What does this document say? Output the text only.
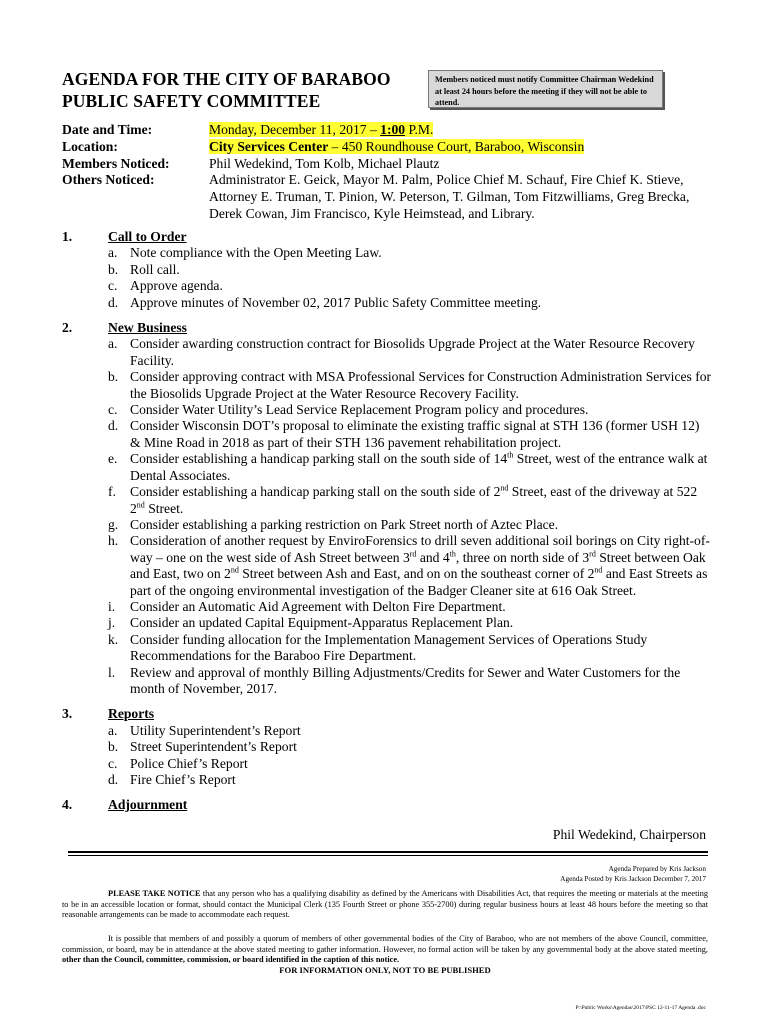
AGENDA FOR THE CITY OF BARABOO
PUBLIC SAFETY COMMITTEE
Members noticed must notify Committee Chairman Wedekind at least 24 hours before the meeting if they will not be able to attend.
Date and Time:	Monday, December 11, 2017 – 1:00 P.M.
Location:	City Services Center – 450 Roundhouse Court, Baraboo, Wisconsin
Members Noticed:	Phil Wedekind, Tom Kolb, Michael Plautz
Others Noticed:	Administrator E. Geick, Mayor M. Palm, Police Chief M. Schauf, Fire Chief K. Stieve, Attorney E. Truman, T. Pinion, W. Peterson, T. Gilman, Tom Fitzwilliams, Greg Brecka, Derek Cowan, Jim Francisco, Kyle Heimstead, and Library.
1.	Call to Order
a. Note compliance with the Open Meeting Law.
b. Roll call.
c. Approve agenda.
d. Approve minutes of November 02, 2017 Public Safety Committee meeting.
2.	New Business
a. Consider awarding construction contract for Biosolids Upgrade Project at the Water Resource Recovery Facility.
b. Consider approving contract with MSA Professional Services for Construction Administration Services for the Biosolids Upgrade Project at the Water Resource Recovery Facility.
c. Consider Water Utility’s Lead Service Replacement Program policy and procedures.
d. Consider Wisconsin DOT’s proposal to eliminate the existing traffic signal at STH 136 (former USH 12) & Mine Road in 2018 as part of their STH 136 pavement rehabilitation project.
e. Consider establishing a handicap parking stall on the south side of 14th Street, west of the entrance walk at Dental Associates.
f. Consider establishing a handicap parking stall on the south side of 2nd Street, east of the driveway at 522 2nd Street.
g. Consider establishing a parking restriction on Park Street north of Aztec Place.
h. Consideration of another request by EnviroForensics to drill seven additional soil borings on City right-of-way – one on the west side of Ash Street between 3rd and 4th, three on north side of 3rd Street between Oak and East, two on 2nd Street between Ash and East, and on on the southeast corner of 2nd and East Streets as part of the ongoing environmental investigation of the Badger Cleaner site at 616 Oak Street.
i. Consider an Automatic Aid Agreement with Delton Fire Department.
j. Consider an updated Capital Equipment-Apparatus Replacement Plan.
k. Consider funding allocation for the Implementation Management Services of Operations Study Recommendations for the Baraboo Fire Department.
l. Review and approval of monthly Billing Adjustments/Credits for Sewer and Water Customers for the month of November, 2017.
3.	Reports
a. Utility Superintendent’s Report
b. Street Superintendent’s Report
c. Police Chief’s Report
d. Fire Chief’s Report
4.	Adjournment
Phil Wedekind, Chairperson
Agenda Prepared by Kris Jackson
Agenda Posted by Kris Jackson December 7, 2017
PLEASE TAKE NOTICE that any person who has a qualifying disability as defined by the Americans with Disabilities Act, that requires the meeting or materials at the meeting to be in an accessible location or format, should contact the Municipal Clerk (135 Fourth Street or phone 355-2700) during regular business hours at least 48 hours before the meeting so that reasonable arrangements can be made to accommodate each request.
It is possible that members of and possibly a quorum of members of other governmental bodies of the City of Baraboo, who are not members of the above Council, committee, commission, or board, may be in attendance at the above stated meeting to gather information. However, no formal action will be taken by any governmental body at the above stated meeting, other than the Council, committee, commission, or board identified in the caption of this notice.
FOR INFORMATION ONLY, NOT TO BE PUBLISHED
P:\Public Works\Agendas\2017\PSC 12-11-17 Agenda .doc
